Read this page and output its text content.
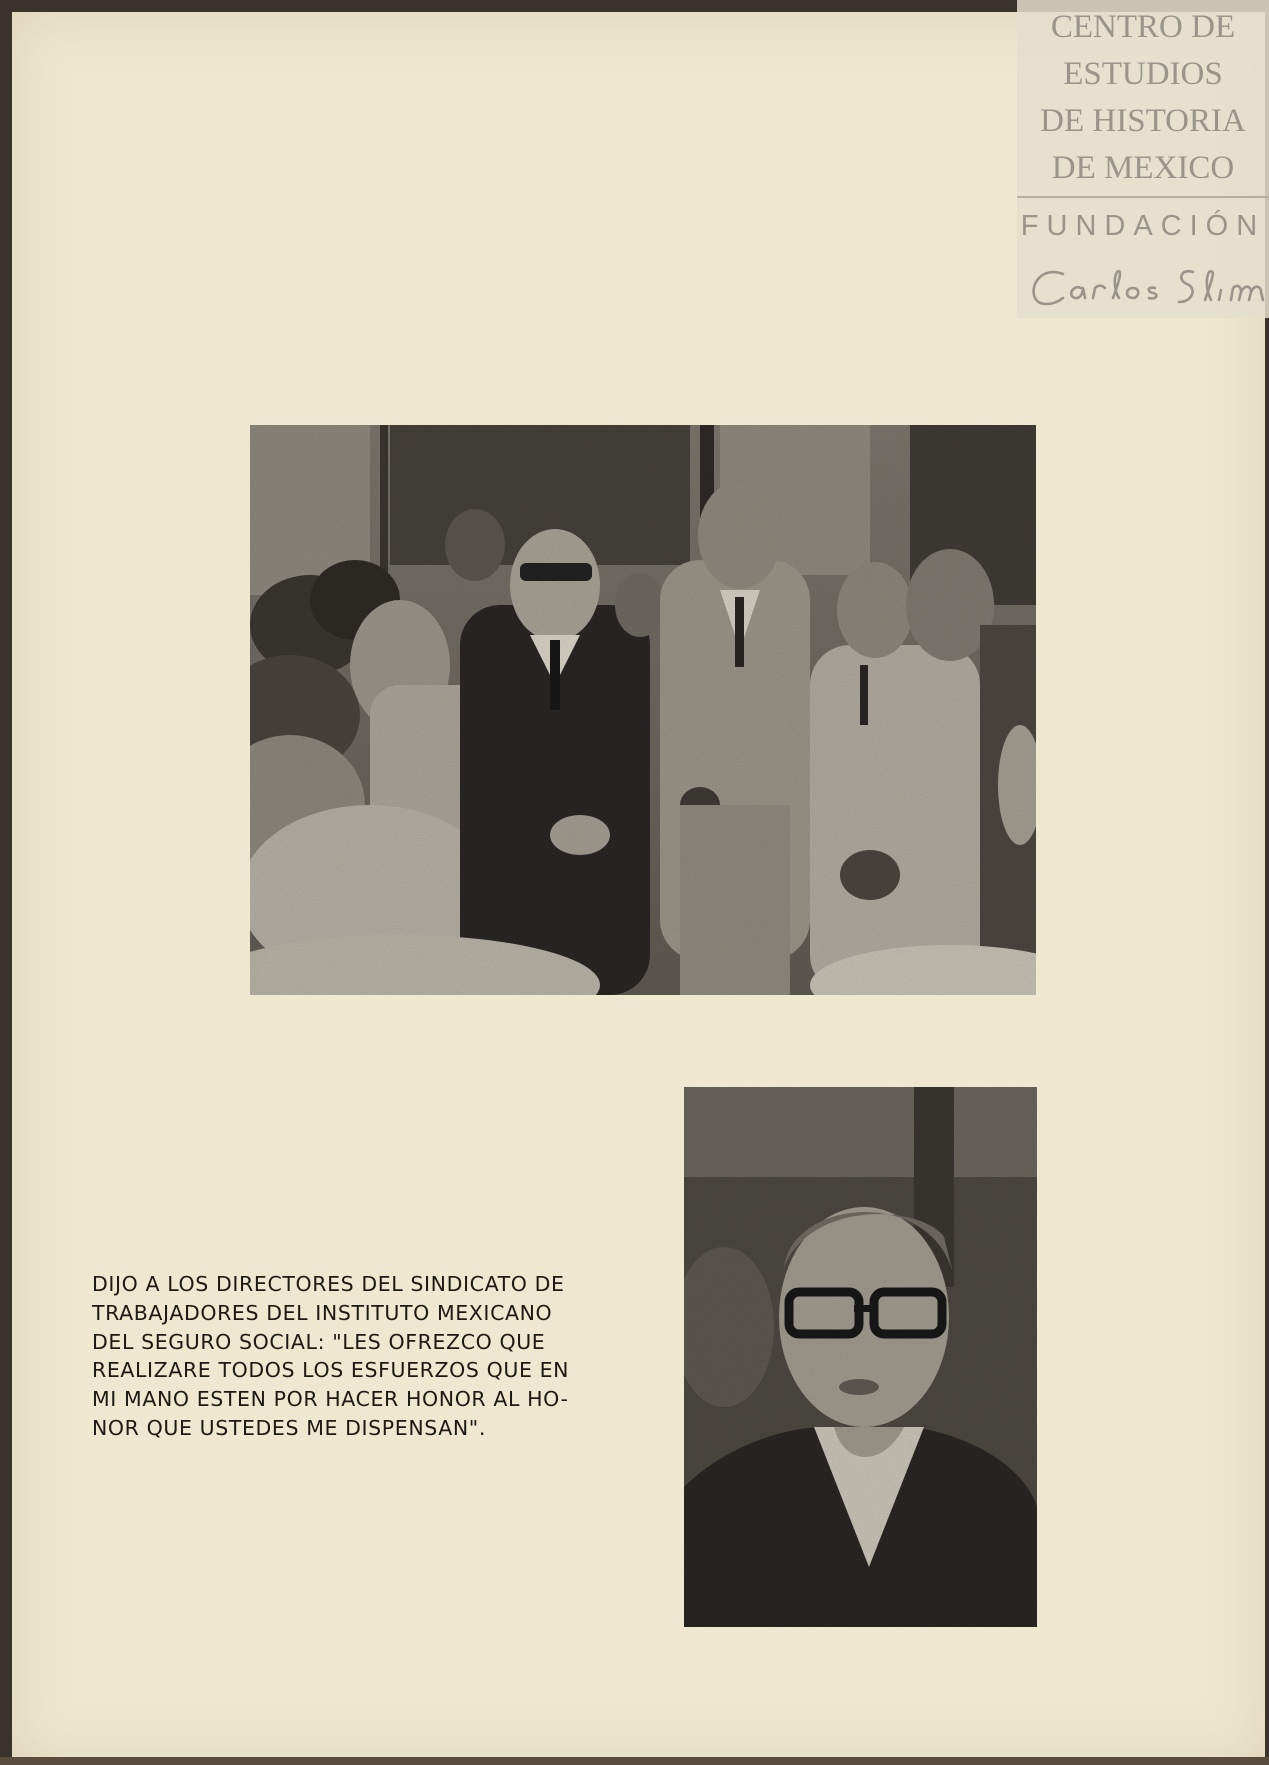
CENTRO DE
ESTUDIOS
DE HISTORIA
DE MEXICO
FUNDACIÓN
DIJO A LOS DIRECTORES DEL SINDICATO DE
TRABAJADORES DEL INSTITUTO MEXICANO
DEL SEGURO SOCIAL: "LES OFREZCO QUE
REALIZARE TODOS LOS ESFUERZOS QUE EN
MI MANO ESTEN POR HACER HONOR AL HO-
NOR QUE USTEDES ME DISPENSAN".
